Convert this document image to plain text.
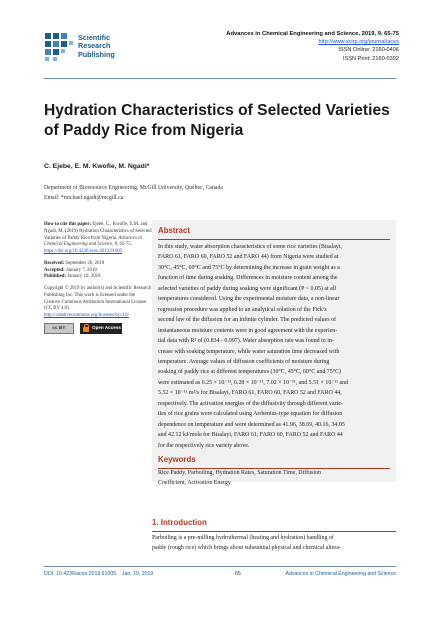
Scientific
Research
Publishing
Advances in Chemical Engineering and Science, 2019, 9, 65-75
http://www.scirp.org/journal/aces
ISSN Online: 2160-0406
ISSN Print: 2160-0392
Hydration Characteristics of Selected Varieties of Paddy Rice from Nigeria
C. Ejebe, E. M. Kwofie, M. Ngadi*
Department of Bioresource Engineering, McGill University, Québec, Canada
Email: *michael.ngadi@mcgill.ca
How to cite this paper: Ejebe, C., Kwofie, E.M. and Ngadi, M. (2019) Hydration Characteristics of Selected Varieties of Paddy Rice from Nigeria. Advances in Chemical Engineering and Science, 9, 65-75.
https://doi.org/10.4236/aces.2019.91005
Received: September 26, 2018
Accepted: January 7, 2018
Published: January 10, 2018
Copyright © 2019 by author(s) and Scientific Research Publishing Inc. This work is licensed under the Creative Commons Attribution International License (CC BY 4.0).
http://creativecommons.org/licenses/by/4.0/
cc BY	Open Access
Abstract
In this study, water absorption characteristics of some rice varieties (Bisalayi,
FARO 61, FARO 60, FARO 52 and FARO 44) from Nigeria were studied at
30°C, 45°C, 60°C and 75°C by determining the increase in grain weight as a
function of time during soaking. Differences in moisture content among the
selected varieties of paddy during soaking were significant (P < 0.05) at all
temperatures considered. Using the experimental moisture data, a non-linear
regression procedure was applied to an analytical solution of the Fick’s
second law of the diffusion for an infinite cylinder. The predicted values of
instantaneous moisture contents were in good agreement with the experien-
tial data with R² of (0.834 - 0.997). Water absorption rate was found to in-
crease with soaking temperature, while water saturation time decreased with
temperature. Average values of diffusion coefficients of moisture during
soaking of paddy rice at different temperatures (30°C, 45°C, 60°C and 75°C)
were estimated as 6.25 × 10⁻¹¹, 6.28 × 10⁻¹¹, 7.02 × 10⁻¹¹, and 5.51 × 10⁻¹¹ and
5.52 × 10⁻¹¹ m²/s for Bisalayi, FARO 61, FARO 60, FARO 52 and FARO 44,
respectively. The activation energies of the diffusivity through different varie-
ties of rice grains were calculated using Arrhenius-type equation for diffusion
dependence on temperature and were determined as 41.96, 38.69, 40.16, 34.05
and 42.12 kJ/mole for Bisalayi, FARO 61, FARO 60, FARO 52 and FARO 44
for the respectively rice variety above.
Keywords
Rice Paddy, Parboiling, Hydration Rates, Saturation Time, Diffusion
Coefficient, Activation Energy
1. Introduction
Parboiling is a pre-milling hydrothermal (heating and hydration) handling of
paddy (rough rice) which brings about substantial physical and chemical altera-
DOI: 10.4236/aces.2019.91005 Jan. 10, 2019	65	Advances in Chemical Engineering and Science
